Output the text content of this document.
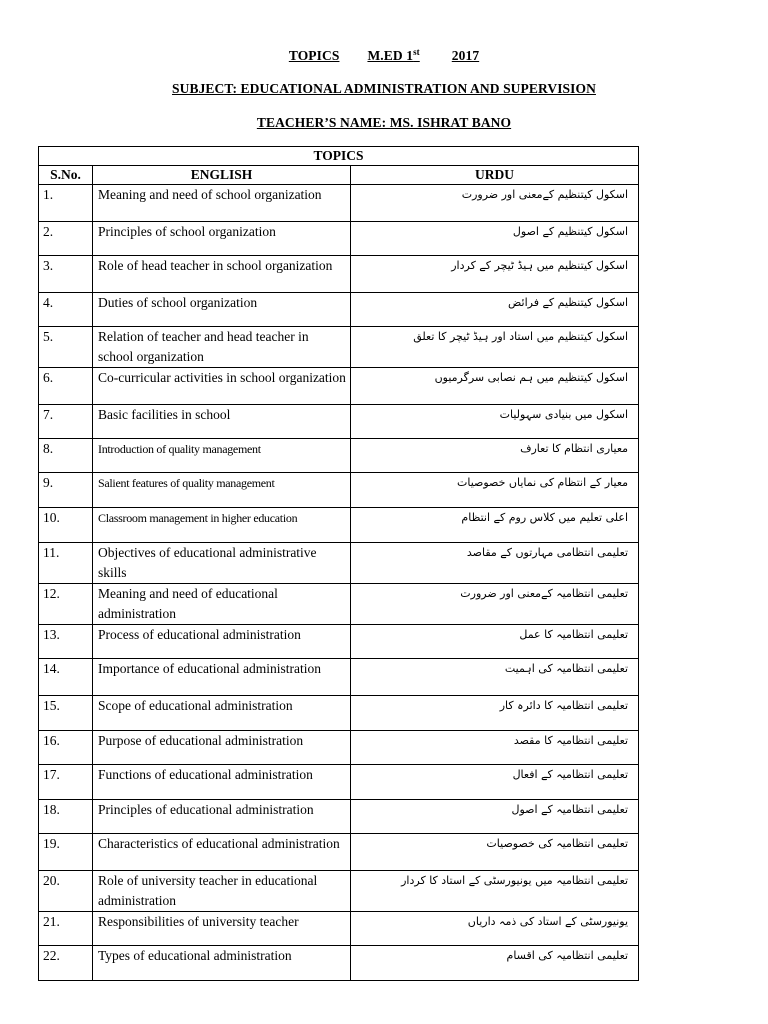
TOPICS M.ED 1st 2017
SUBJECT: EDUCATIONAL ADMINISTRATION AND SUPERVISION
TEACHER’S NAME: MS. ISHRAT BANO
TOPICS		
S.No.	ENGLISH	URDU
1.	Meaning and need of school organization	اسکول کیتنظیم کےمعنی اور ضرورت
2.	Principles of school organization	اسکول کیتنظیم کے اصول
3.	Role of head teacher in school organization	اسکول کیتنظیم میں ہیڈ ٹیچر کے کردار
4.	Duties of school organization	اسکول کیتنظیم کے فرائض
5.	Relation of teacher and head teacher in school organization	اسکول کیتنظیم میں استاد اور ہیڈ ٹیچر کا تعلق
6.	Co-curricular activities in school organization	اسکول کیتنظیم میں ہم نصابی سرگرمیوں
7.	Basic facilities in school	اسکول میں بنیادی سہولیات
8.	Introduction of quality management	معیاری انتظام کا تعارف
9.	Salient features of quality management	معیار کے انتظام کی نمایاں خصوصیات
10.	Classroom management in higher education	اعلی تعلیم میں کلاس روم کے انتظام
11.	Objectives of educational administrative skills	تعلیمی انتظامی مہارتوں کے مقاصد
12.	Meaning and need of educational administration	تعلیمی انتظامیہ کےمعنی اور ضرورت
13.	Process of educational administration	تعلیمی انتظامیہ کا عمل
14.	Importance of educational administration	تعلیمی انتظامیہ کی اہمیت
15.	Scope of educational administration	تعلیمی انتظامیہ کا دائرہ کار
16.	Purpose of educational administration	تعلیمی انتظامیہ کا مقصد
17.	Functions of educational administration	تعلیمی انتظامیہ کے افعال
18.	Principles of educational administration	تعلیمی انتظامیہ کے اصول
19.	Characteristics of educational administration	تعلیمی انتظامیہ کی خصوصیات
20.	Role of university teacher in educational administration	تعلیمی انتظامیہ میں یونیورسٹی کے استاد کا کردار
21.	Responsibilities of university teacher	یونیورسٹی کے استاد کی ذمہ داریاں
22.	Types of educational administration	تعلیمی انتظامیہ کی اقسام
